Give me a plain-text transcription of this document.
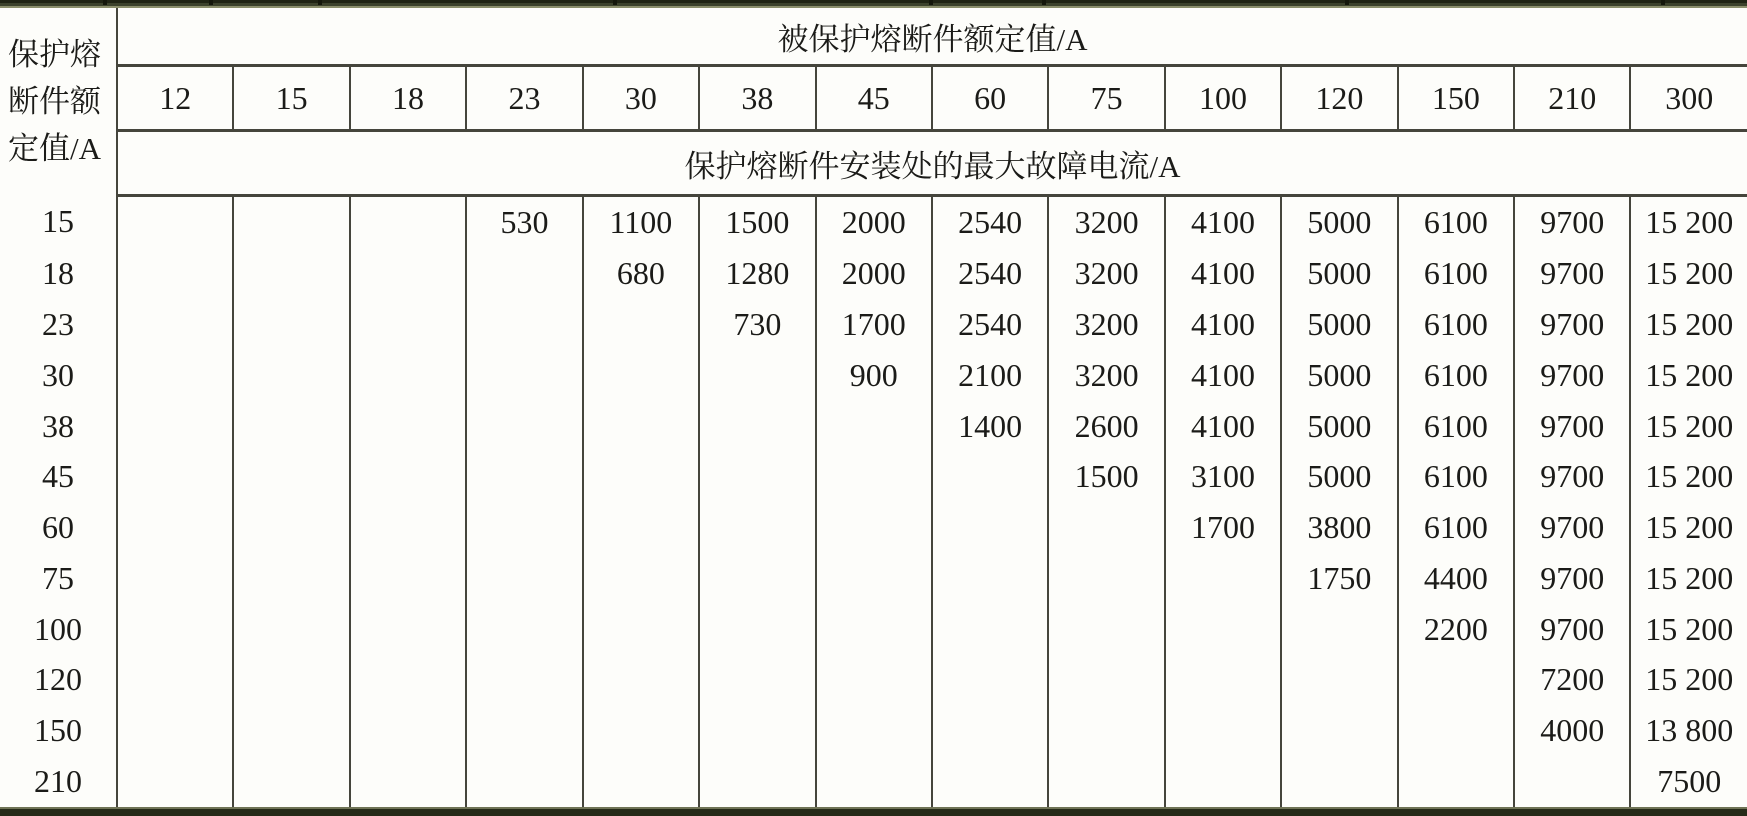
保护熔断件额定值/A	被保护熔断件额定值/A													
	12	15	18	23	30	38	45	60	75	100	120	150	210	300
	保护熔断件安装处的最大故障电流/A													
15				530	1100	1500	2000	2540	3200	4100	5000	6100	9700	15 200
18					680	1280	2000	2540	3200	4100	5000	6100	9700	15 200
23						730	1700	2540	3200	4100	5000	6100	9700	15 200
30							900	2100	3200	4100	5000	6100	9700	15 200
38								1400	2600	4100	5000	6100	9700	15 200
45									1500	3100	5000	6100	9700	15 200
60										1700	3800	6100	9700	15 200
75											1750	4400	9700	15 200
100												2200	9700	15 200
120													7200	15 200
150													4000	13 800
210														7500
